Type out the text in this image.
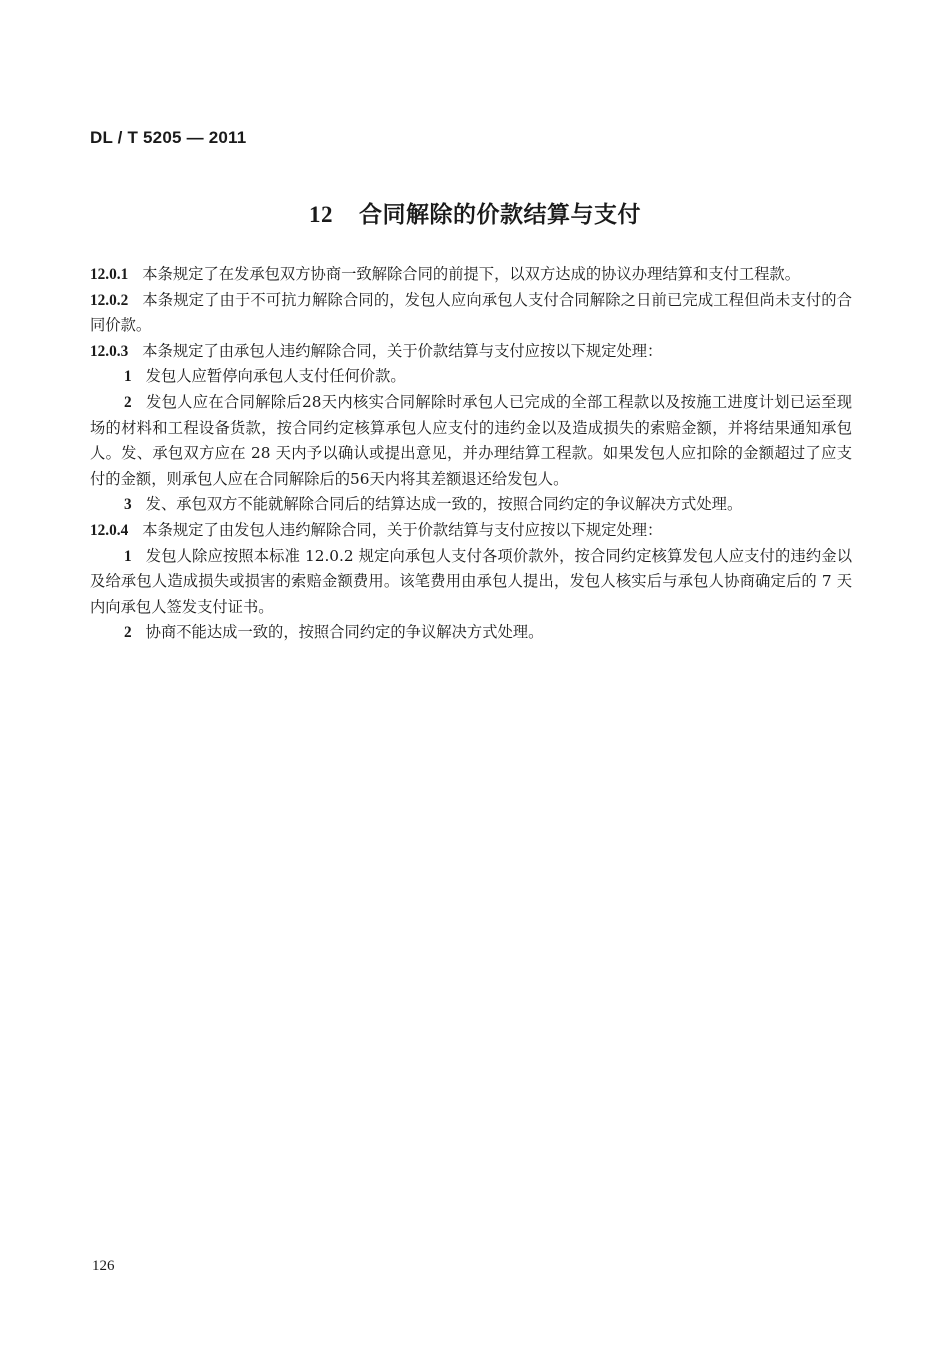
DL / T 5205 — 2011
12 合同解除的价款结算与支付

12.0.1 本条规定了在发承包双方协商一致解除合同的前提下，以双方达成的协议办理结算和支付工程款。

12.0.2 本条规定了由于不可抗力解除合同的，发包人应向承包人支付合同解除之日前已完成工程但尚未支付的合同价款。

12.0.3 本条规定了由承包人违约解除合同，关于价款结算与支付应按以下规定处理：

1 发包人应暂停向承包人支付任何价款。

2 发包人应在合同解除后28天内核实合同解除时承包人已完成的全部工程款以及按施工进度计划已运至现场的材料和工程设备货款，按合同约定核算承包人应支付的违约金以及造成损失的索赔金额，并将结果通知承包人。发、承包双方应在 28 天内予以确认或提出意见，并办理结算工程款。如果发包人应扣除的金额超过了应支付的金额，则承包人应在合同解除后的56天内将其差额退还给发包人。

3 发、承包双方不能就解除合同后的结算达成一致的，按照合同约定的争议解决方式处理。

12.0.4 本条规定了由发包人违约解除合同，关于价款结算与支付应按以下规定处理：

1 发包人除应按照本标准 12.0.2 规定向承包人支付各项价款外，按合同约定核算发包人应支付的违约金以及给承包人造成损失或损害的索赔金额费用。该笔费用由承包人提出，发包人核实后与承包人协商确定后的 7 天内向承包人签发支付证书。

2 协商不能达成一致的，按照合同约定的争议解决方式处理。

126
